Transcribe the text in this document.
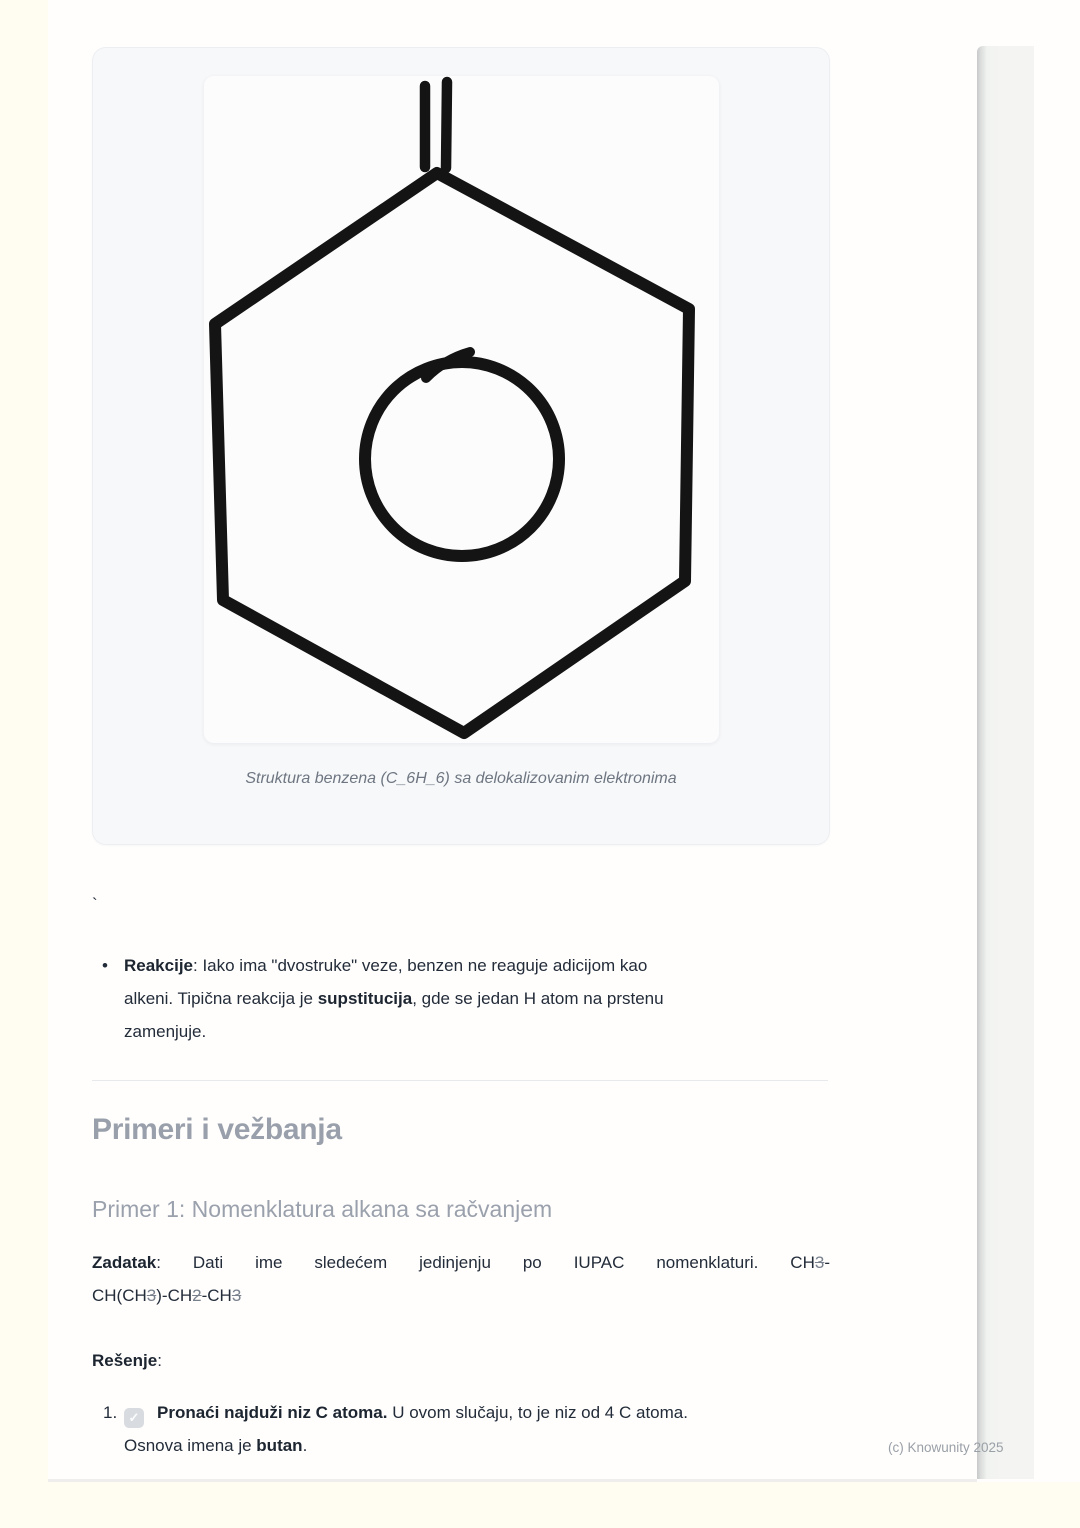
Struktura benzena (C_6H_6) sa delokalizovanim elektronima
`
• Reakcije: Iako ima "dvostruke" veze, benzen ne reaguje adicijom kao
alkeni. Tipična reakcija je supstitucija, gde se jedan H atom na prstenu
zamenjuje.

Primeri i vežbanja
Primer 1: Nomenklatura alkana sa račvanjem

Zadatak: Dati ime sledećem jedinjenju po IUPAC nomenklaturi. CH3-
CH(CH3)-CH2-CH3

Rešenje:

1. ✓ Pronaći najduži niz C atoma. U ovom slučaju, to je niz od 4 C atoma.
Osnova imena je butan.	(c) Knowunity 2025
